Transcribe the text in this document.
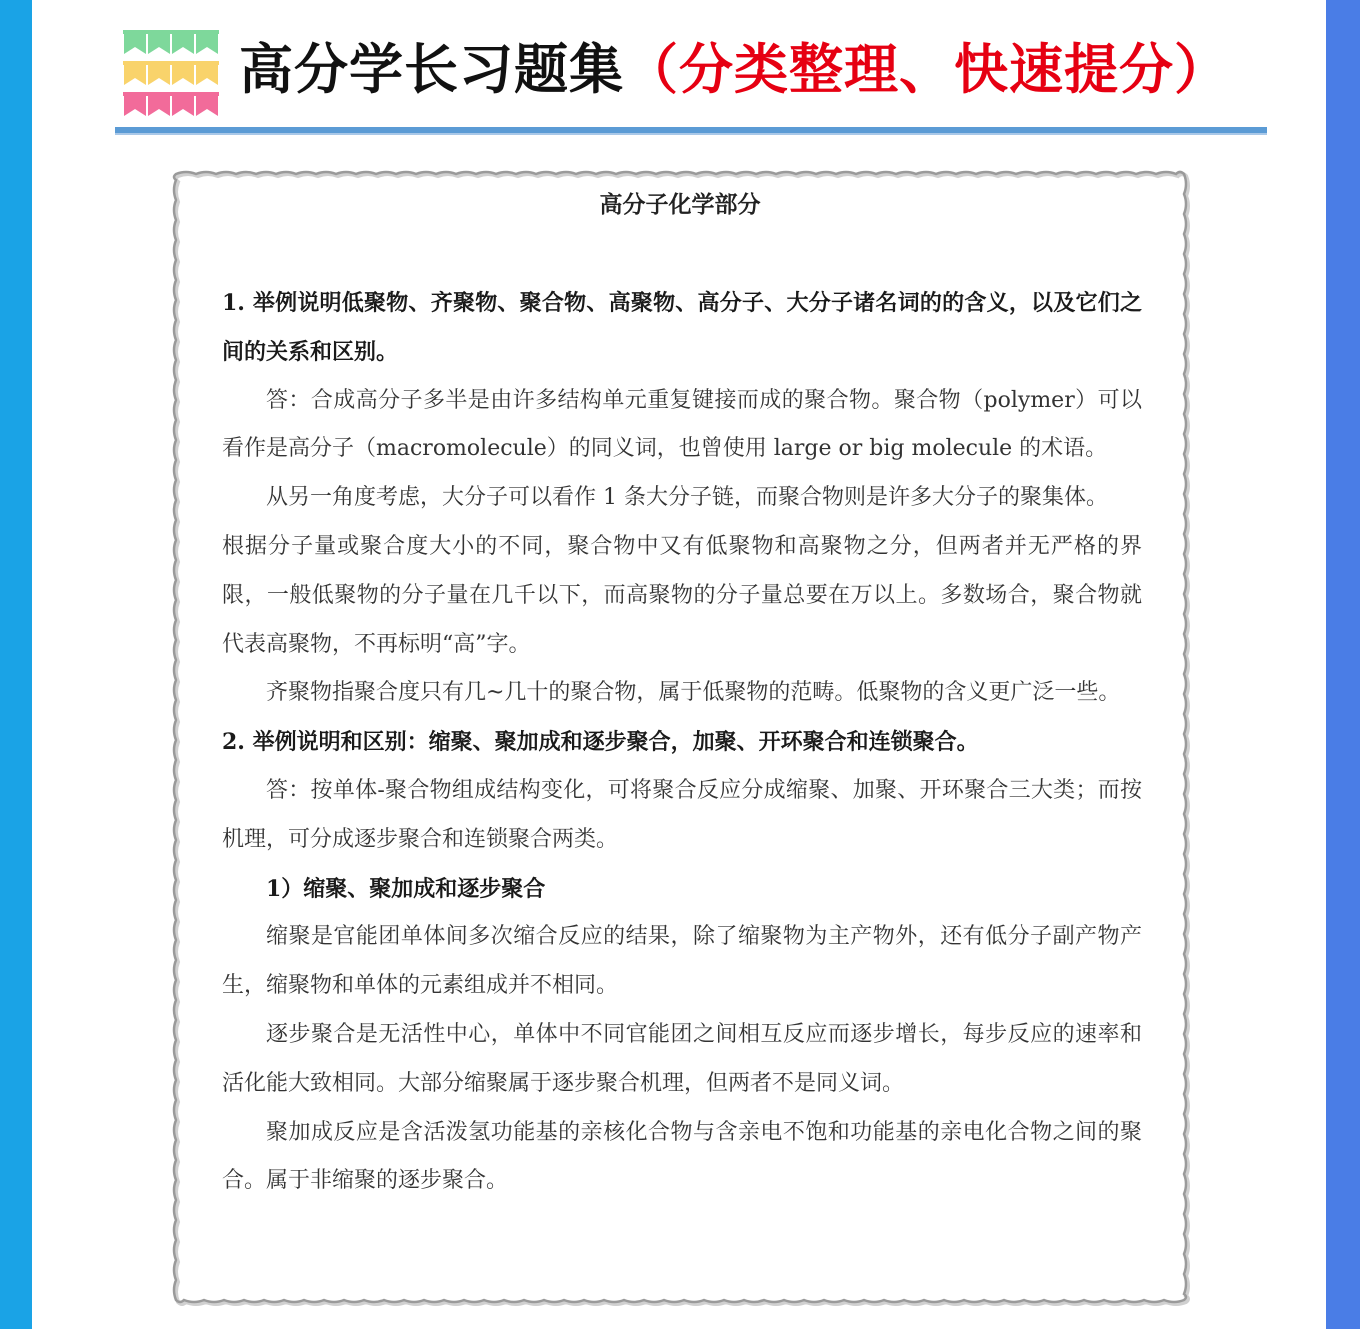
高分学长习题集（分类整理、快速提分）
高分子化学部分

1. 举例说明低聚物、齐聚物、聚合物、高聚物、高分子、大分子诸名词的的含义，以及它们之间的关系和区别。

答：合成高分子多半是由许多结构单元重复键接而成的聚合物。聚合物（polymer）可以看作是高分子（macromolecule）的同义词，也曾使用 large or big molecule 的术语。

从另一角度考虑，大分子可以看作 1 条大分子链，而聚合物则是许多大分子的聚集体。

根据分子量或聚合度大小的不同，聚合物中又有低聚物和高聚物之分，但两者并无严格的界限，一般低聚物的分子量在几千以下，而高聚物的分子量总要在万以上。多数场合，聚合物就代表高聚物，不再标明“高”字。

齐聚物指聚合度只有几~几十的聚合物，属于低聚物的范畴。低聚物的含义更广泛一些。

2. 举例说明和区别：缩聚、聚加成和逐步聚合，加聚、开环聚合和连锁聚合。

答：按单体-聚合物组成结构变化，可将聚合反应分成缩聚、加聚、开环聚合三大类；而按机理，可分成逐步聚合和连锁聚合两类。

1）缩聚、聚加成和逐步聚合

缩聚是官能团单体间多次缩合反应的结果，除了缩聚物为主产物外，还有低分子副产物产生，缩聚物和单体的元素组成并不相同。

逐步聚合是无活性中心，单体中不同官能团之间相互反应而逐步增长，每步反应的速率和活化能大致相同。大部分缩聚属于逐步聚合机理，但两者不是同义词。

聚加成反应是含活泼氢功能基的亲核化合物与含亲电不饱和功能基的亲电化合物之间的聚合。属于非缩聚的逐步聚合。
